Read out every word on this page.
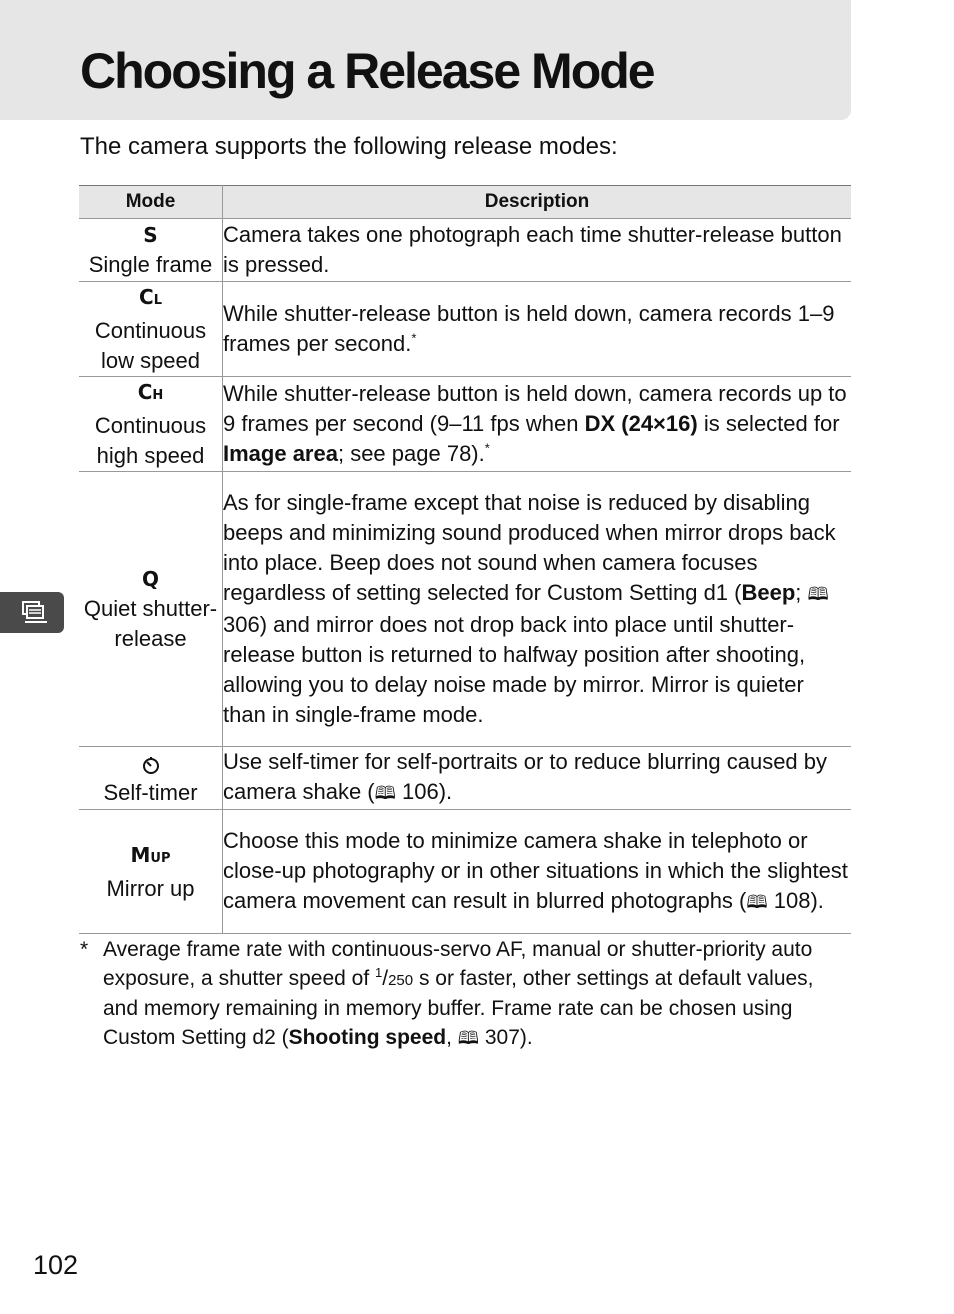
Choosing a Release Mode
The camera supports the following release modes:
Mode	Description

S
Single frame	Camera takes one photograph each time shutter-release button is pressed.

CL
Continuous low speed	While shutter-release button is held down, camera records 1–9 frames per second.*

CH
Continuous high speed	While shutter-release button is held down, camera records up to 9 frames per second (9–11 fps when DX (24×16) is selected for Image area; see page 78).*

Q
Quiet shutter-release	As for single-frame except that noise is reduced by disabling beeps and minimizing sound produced when mirror drops back into place. Beep does not sound when camera focuses regardless of setting selected for Custom Setting d1 (Beep; 🕮 306) and mirror does not drop back into place until shutter-release button is returned to halfway position after shooting, allowing you to delay noise made by mirror. Mirror is quieter than in single-frame mode.

Self-timer	Use self-timer for self-portraits or to reduce blurring caused by camera shake (🕮 106).

MUP
Mirror up	Choose this mode to minimize camera shake in telephoto or close-up photography or in other situations in which the slightest camera movement can result in blurred photographs (🕮 108).
* Average frame rate with continuous-servo AF, manual or shutter-priority auto exposure, a shutter speed of $^1$/250 s or faster, other settings at default values, and memory remaining in memory buffer. Frame rate can be chosen using Custom Setting d2 (Shooting speed, 🕮 307).
102
